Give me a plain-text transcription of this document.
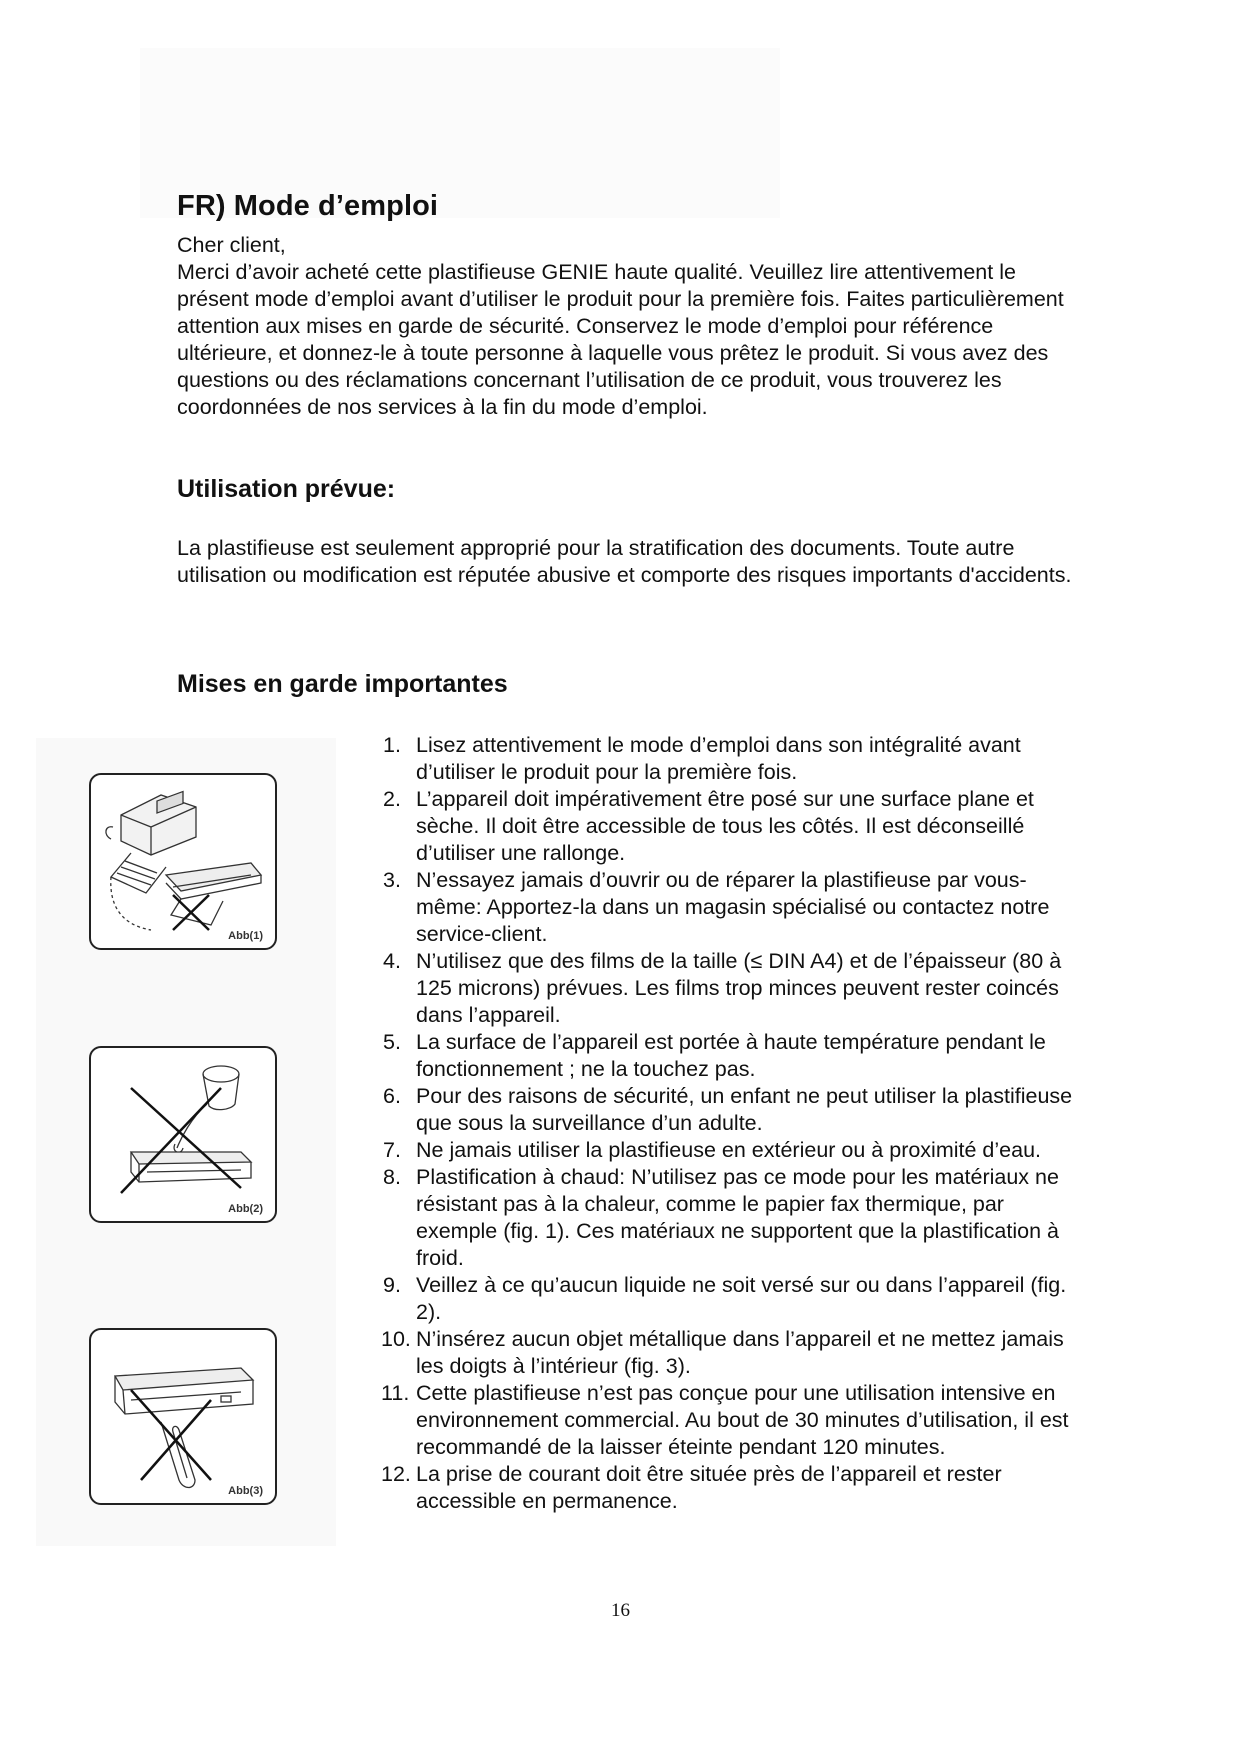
FR) Mode d’emploi

Cher client,

Merci d’avoir acheté cette plastifieuse GENIE haute qualité. Veuillez lire attentivement le présent mode d’emploi avant d’utiliser le produit pour la première fois. Faites particulièrement attention aux mises en garde de sécurité. Conservez le mode d’emploi pour référence ultérieure, et donnez-le à toute personne à laquelle vous prêtez le produit. Si vous avez des questions ou des réclamations concernant l’utilisation de ce produit, vous trouverez les coordonnées de nos services à la fin du mode d’emploi.

Utilisation prévue:

La plastifieuse est seulement approprié pour la stratification des documents. Toute autre utilisation ou modification est réputée abusive et comporte des risques importants d'accidents.

Mises en garde importantes
1. Lisez attentivement le mode d’emploi dans son intégralité avant d’utiliser le produit pour la première fois.
2. L’appareil doit impérativement être posé sur une surface plane et sèche. Il doit être accessible de tous les côtés. Il est déconseillé d’utiliser une rallonge.
3. N’essayez jamais d’ouvrir ou de réparer la plastifieuse par vous-même: Apportez-la dans un magasin spécialisé ou contactez notre service-client.
4. N’utilisez que des films de la taille (≤ DIN A4) et de l’épaisseur (80 à 125 microns) prévues. Les films trop minces peuvent rester coincés dans l’appareil.
5. La surface de l’appareil est portée à haute température pendant le fonctionnement ; ne la touchez pas.
6. Pour des raisons de sécurité, un enfant ne peut utiliser la plastifieuse que sous la surveillance d’un adulte.
7. Ne jamais utiliser la plastifieuse en extérieur ou à proximité d’eau.
8. Plastification à chaud: N’utilisez pas ce mode pour les matériaux ne résistant pas à la chaleur, comme le papier fax thermique, par exemple (fig. 1). Ces matériaux ne supportent que la plastification à froid.
9. Veillez à ce qu’aucun liquide ne soit versé sur ou dans l’appareil (fig. 2).
10. N’insérez aucun objet métallique dans l’appareil et ne mettez jamais les doigts à l’intérieur (fig. 3).
11. Cette plastifieuse n’est pas conçue pour une utilisation intensive en environnement commercial. Au bout de 30 minutes d’utilisation, il est recommandé de la laisser éteinte pendant 120 minutes.
12. La prise de courant doit être située près de l’appareil et rester accessible en permanence.
Abb(1)
Abb(2)
Abb(3)
16
